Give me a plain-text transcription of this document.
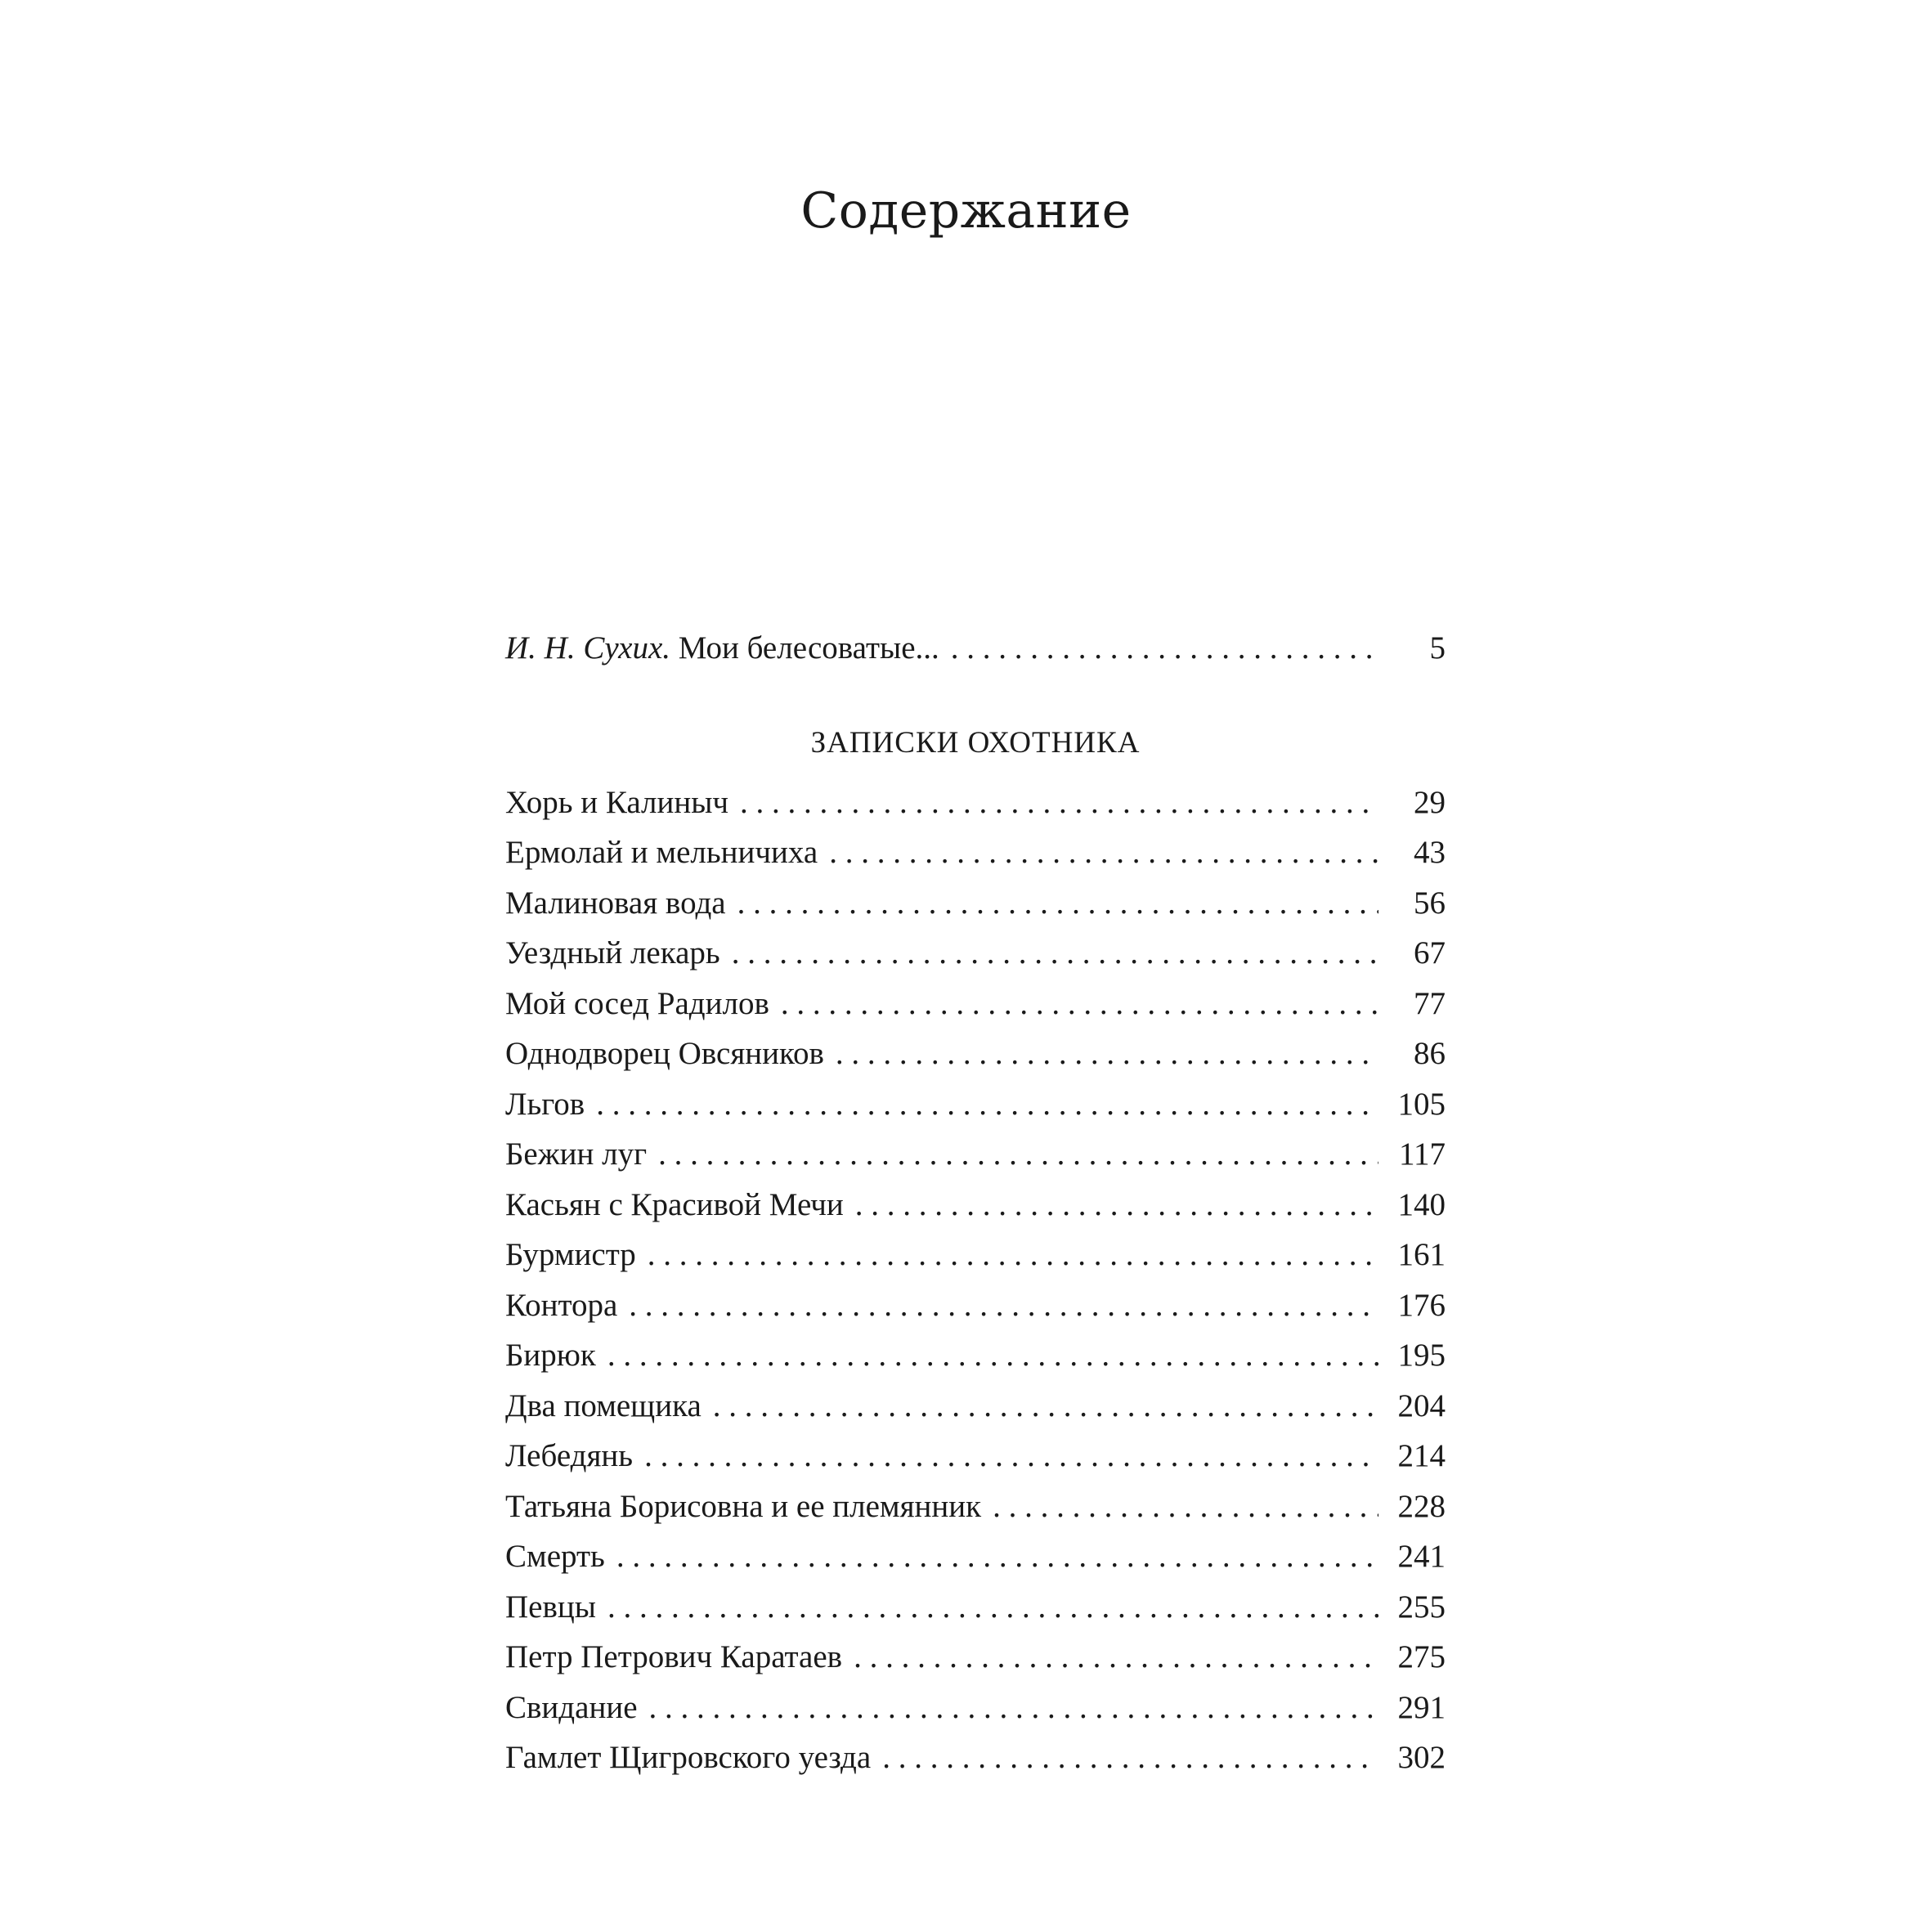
Содержание
И. Н. Сухих. Мои белесоватые... . . .	5
ЗАПИСКИ ОХОТНИКА
Хорь и Калиныч . . .	29
Ермолай и мельничиха . . .	43
Малиновая вода . . .	56
Уездный лекарь . . .	67
Мой сосед Радилов . . .	77
Однодворец Овсяников . . .	86
Льгов . . .	105
Бежин луг . . .	117
Касьян с Красивой Мечи . . .	140
Бурмистр . . .	161
Контора . . .	176
Бирюк . . .	195
Два помещика . . .	204
Лебедянь . . .	214
Татьяна Борисовна и ее племянник . . .	228
Смерть . . .	241
Певцы . . .	255
Петр Петрович Каратаев . . .	275
Свидание . . .	291
Гамлет Щигровского уезда . . .	302
